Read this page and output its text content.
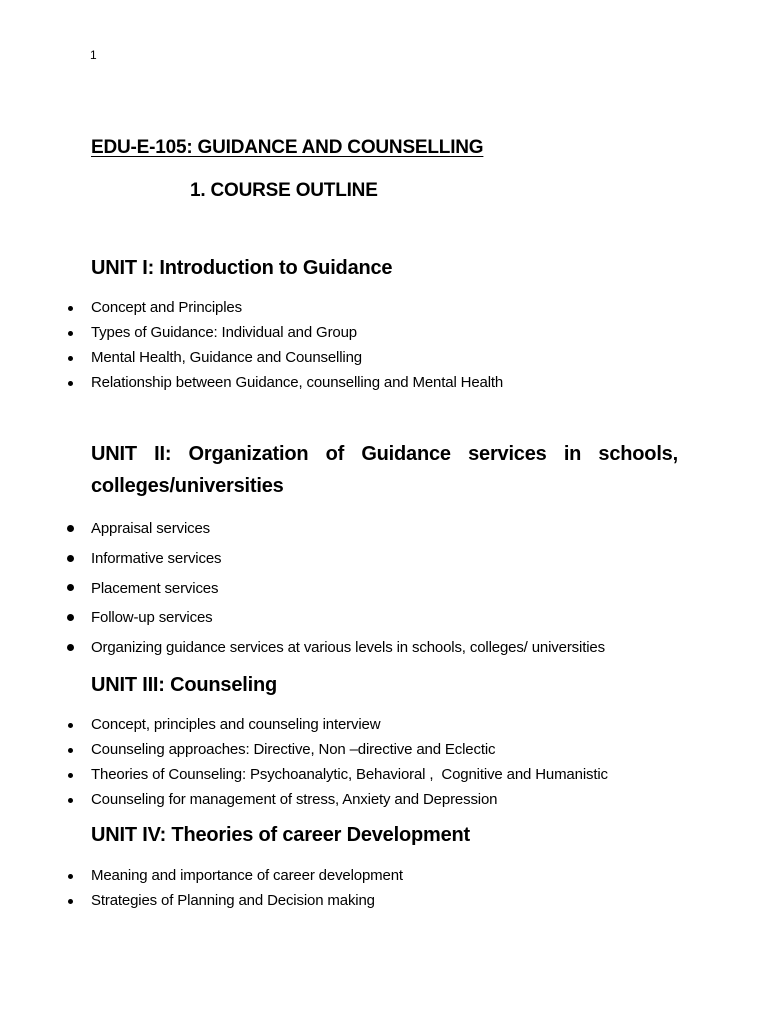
1
EDU-E-105: GUIDANCE AND COUNSELLING
1. COURSE OUTLINE
UNIT I: Introduction to Guidance
Concept and Principles
Types of Guidance: Individual and Group
Mental Health, Guidance and Counselling
Relationship between Guidance, counselling and Mental Health
UNIT II: Organization of Guidance services in schools,
colleges/universities
Appraisal services
Informative services
Placement services
Follow-up services
Organizing guidance services at various levels in schools, colleges/ universities
UNIT III: Counseling
Concept, principles and counseling interview
Counseling approaches: Directive, Non –directive and Eclectic
Theories of Counseling: Psychoanalytic, Behavioral ,  Cognitive and Humanistic
Counseling for management of stress, Anxiety and Depression
UNIT IV: Theories of career Development
Meaning and importance of career development
Strategies of Planning and Decision making
